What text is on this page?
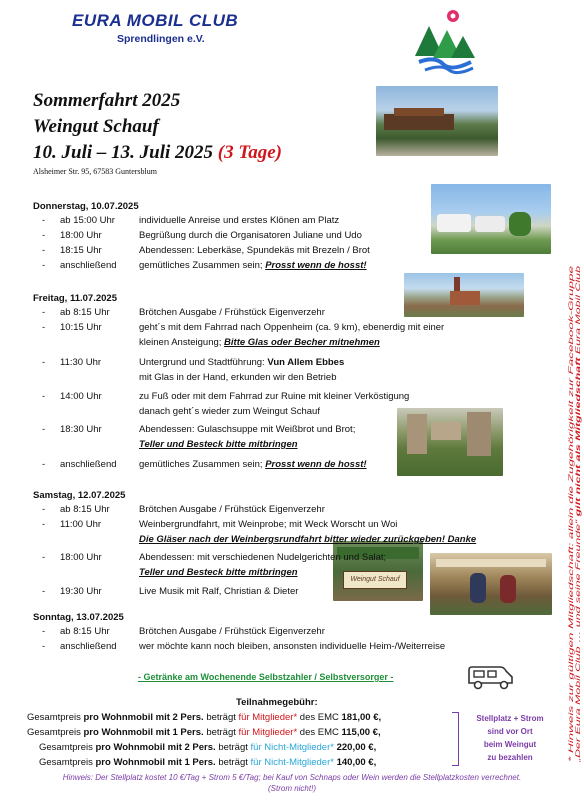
EURA MOBIL CLUB
Sprendlingen e.V.
Sommerfahrt 2025
Weingut Schauf
10. Juli – 13. Juli 2025 (3 Tage)
Alsheimer Str. 95, 67583 Guntersblum
Weingut Schauf
Donnerstag, 10.07.2025
- ab 15:00 Uhr	individuelle Anreise und erstes Klönen am Platz
- 18:00 Uhr	Begrüßung durch die Organisatoren Juliane und Udo
- 18:15 Uhr	Abendessen: Leberkäse, Spundekäs mit Brezeln / Brot
- anschließend gemütliches Zusammen sein; Prosst wenn de hosst!
Freitag, 11.07.2025
- ab 8:15 Uhr	Brötchen Ausgabe / Frühstück Eigenverzehr
- 10:15 Uhr	geht´s mit dem Fahrrad nach Oppenheim (ca. 9 km), ebenerdig mit einer
kleinen Ansteigung; Bitte Glas oder Becher mitnehmen
- 11:30 Uhr	Untergrund und Stadtführung: Vun Allem Ebbes
mit Glas in der Hand, erkunden wir den Betrieb
- 14:00 Uhr	zu Fuß oder mit dem Fahrrad zur Ruine mit kleiner Verköstigung
danach geht´s wieder zum Weingut Schauf
- 18:30 Uhr	Abendessen: Gulaschsuppe mit Weißbrot und Brot;
Teller und Besteck bitte mitbringen
- anschließend gemütliches Zusammen sein; Prosst wenn de hosst!
Samstag, 12.07.2025
- ab 8:15 Uhr	Brötchen Ausgabe / Frühstück Eigenverzehr
- 11:00 Uhr	Weinbergrundfahrt, mit Weinprobe; mit Weck Worscht un Woi
Die Gläser nach der Weinbergsrundfahrt bitter wieder zurückgeben! Danke
- 18:00 Uhr	Abendessen: mit verschiedenen Nudelgerichten und Salat;
Teller und Besteck bitte mitbringen
- 19:30 Uhr	Live Musik mit Ralf, Christian & Dieter
Sonntag, 13.07.2025
- ab 8:15 Uhr	Brötchen Ausgabe / Frühstück Eigenverzehr
- anschließend wer möchte kann noch bleiben, ansonsten individuelle Heim-/Weiterreise
- Getränke am Wochenende Selbstzahler / Selbstversorger -
Teilnahmegebühr:
Gesamtpreis pro Wohnmobil mit 2 Pers. beträgt für Mitglieder* des EMC 181,00 €,
Gesamtpreis pro Wohnmobil mit 1 Pers. beträgt für Mitglieder* des EMC 115,00 €,
Gesamtpreis pro Wohnmobil mit 2 Pers. beträgt für Nicht-Mitglieder* 220,00 €,
Gesamtpreis pro Wohnmobil mit 1 Pers. beträgt für Nicht-Mitglieder* 140,00 €,
Stellplatz + Strom
sind vor Ort
beim Weingut
zu bezahlen
Hinweis: Der Stellplatz kostet 10 €/Tag + Strom 5 €/Tag; bei Kauf von Schnaps oder Wein werden die Stellplatzkosten verrechnet.
(Strom nicht!)
* Hinweis zur gültigen Mitgliedschaft: allein die Zugehörigkeit zur Facebook-Gruppe „Der Eura Mobil Club … und seine Freunde“ gilt nicht als Mitgliedschaft Eura Mobil Club
